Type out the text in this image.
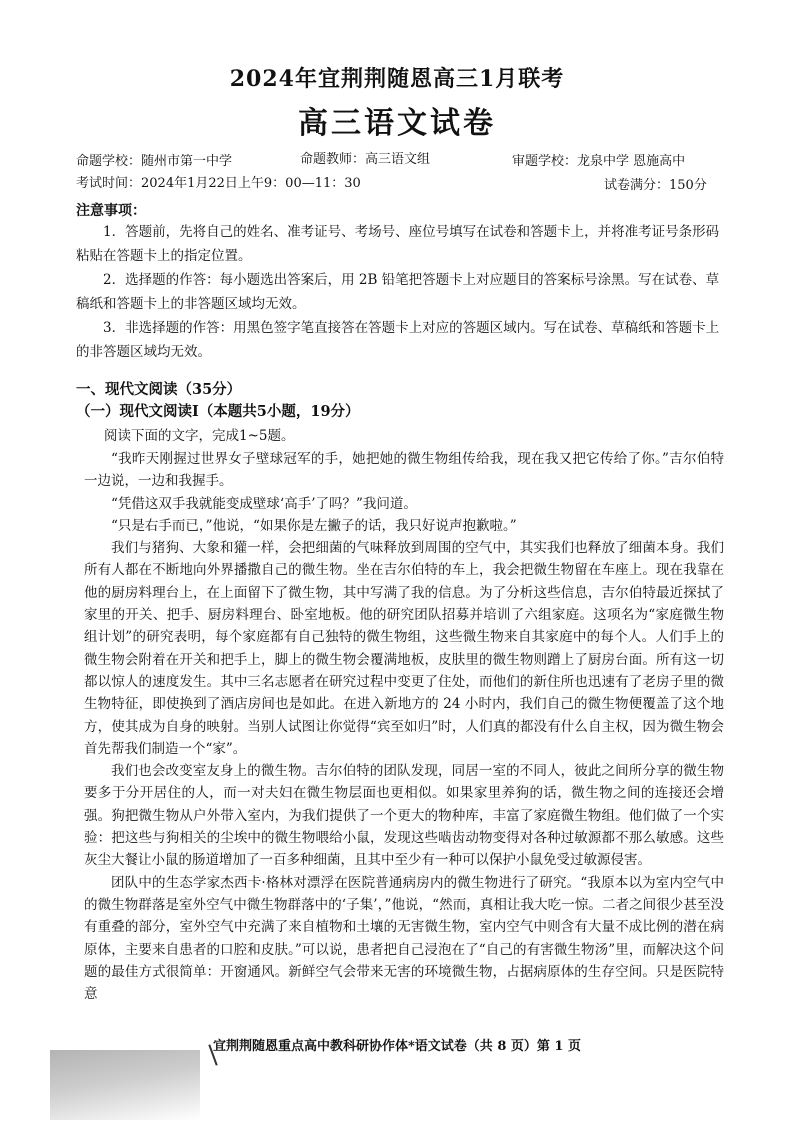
2024年宜荆荆随恩高三1月联考
高三语文试卷
命题学校：随州市第一中学	命题教师：高三语文组	审题学校：龙泉中学 恩施高中
考试时间：2024年1月22日上午9：00—11：30	试卷满分：150分
注意事项：

1．答题前，先将自己的姓名、准考证号、考场号、座位号填写在试卷和答题卡上，并将准考证号条形码粘贴在答题卡上的指定位置。

2．选择题的作答：每小题选出答案后，用 2B 铅笔把答题卡上对应题目的答案标号涂黑。写在试卷、草稿纸和答题卡上的非答题区域均无效。

3．非选择题的作答：用黑色签字笔直接答在答题卡上对应的答题区域内。写在试卷、草稿纸和答题卡上的非答题区域均无效。

一、现代文阅读（35分）
（一）现代文阅读Ⅰ（本题共5小题，19分）
阅读下面的文字，完成1~5题。

“我昨天刚握过世界女子壁球冠军的手，她把她的微生物组传给我，现在我又把它传给了你。”吉尔伯特一边说，一边和我握手。

“凭借这双手我就能变成壁球‘高手’了吗？”我问道。

“只是右手而已，”他说，“如果你是左撇子的话，我只好说声抱歉啦。”

我们与猪狗、大象和獾一样，会把细菌的气味释放到周围的空气中，其实我们也释放了细菌本身。我们所有人都在不断地向外界播撒自己的微生物。坐在吉尔伯特的车上，我会把微生物留在车座上。现在我靠在他的厨房料理台上，在上面留下了微生物，其中写满了我的信息。为了分析这些信息，吉尔伯特最近探拭了家里的开关、把手、厨房料理台、卧室地板。他的研究团队招募并培训了六组家庭。这项名为“家庭微生物组计划”的研究表明，每个家庭都有自己独特的微生物组，这些微生物来自其家庭中的每个人。人们手上的微生物会附着在开关和把手上，脚上的微生物会覆满地板，皮肤里的微生物则蹭上了厨房台面。所有这一切都以惊人的速度发生。其中三名志愿者在研究过程中变更了住处，而他们的新住所也迅速有了老房子里的微生物特征，即使换到了酒店房间也是如此。在进入新地方的 24 小时内，我们自己的微生物便覆盖了这个地方，使其成为自身的映射。当别人试图让你觉得“宾至如归”时，人们真的都没有什么自主权，因为微生物会首先帮我们制造一个“家”。

我们也会改变室友身上的微生物。吉尔伯特的团队发现，同居一室的不同人，彼此之间所分享的微生物要多于分开居住的人，而一对夫妇在微生物层面也更相似。如果家里养狗的话，微生物之间的连接还会增强。狗把微生物从户外带入室内，为我们提供了一个更大的物种库，丰富了家庭微生物组。他们做了一个实验：把这些与狗相关的尘埃中的微生物喂给小鼠，发现这些啮齿动物变得对各种过敏源都不那么敏感。这些灰尘大餐让小鼠的肠道增加了一百多种细菌，且其中至少有一种可以保护小鼠免受过敏源侵害。

团队中的生态学家杰西卡·格林对漂浮在医院普通病房内的微生物进行了研究。“我原本以为室内空气中的微生物群落是室外空气中微生物群落中的‘子集’，”他说，“然而，真相让我大吃一惊。二者之间很少甚至没有重叠的部分，室外空气中充满了来自植物和土壤的无害微生物，室内空气中则含有大量不成比例的潜在病原体，主要来自患者的口腔和皮肤。”可以说，患者把自己浸泡在了“自己的有害微生物汤”里，而解决这个问题的最佳方式很简单：开窗通风。新鲜空气会带来无害的环境微生物，占据病原体的生存空间。只是医院特意

宜荆荆随恩重点高中教科研协作体*语文试卷（共 8 页）第 1 页
